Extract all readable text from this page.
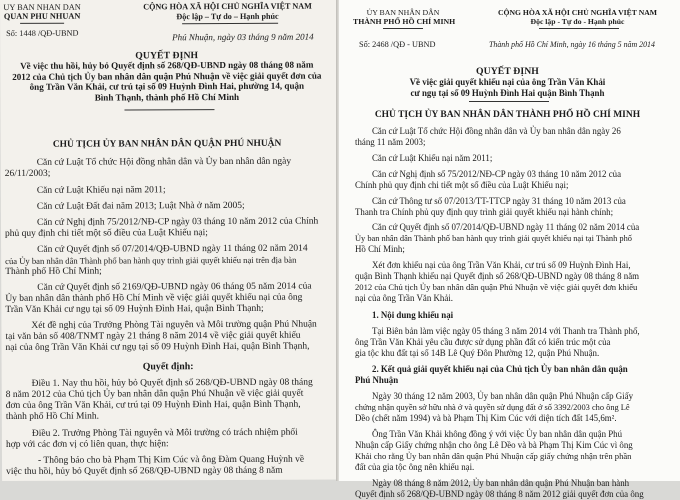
UY BAN NHAN DAN
QUAN PHU NHUAN
Số: 1448 /QĐ-UBND
CỘNG HÒA XÃ HỘI CHỦ NGHĨA VIỆT NAM
Độc lập – Tự do – Hạnh phúc
Phú Nhuận, ngày 03 tháng 9 năm 2014
QUYẾT ĐỊNH
Về việc thu hồi, hủy bỏ Quyết định số 268/QĐ-UBND ngày 08 tháng 08 năm
2012 của Chủ tịch Ủy ban nhân dân quận Phú Nhuận về việc giải quyết đơn của
ông Trần Văn Khải, cư trú tại số 09 Huỳnh Đình Hai, phường 14, quận
Bình Thạnh, thành phố Hồ Chí Minh
CHỦ TỊCH ỦY BAN NHÂN DÂN QUẬN PHÚ NHUẬN
Căn cứ Luật Tổ chức Hội đồng nhân dân và Ủy ban nhân dân ngày
26/11/2003;
Căn cứ Luật Khiếu nại năm 2011;
Căn cứ Luật Đất đai năm 2013; Luật Nhà ở năm 2005;
Căn cứ Nghị định 75/2012/NĐ-CP ngày 03 tháng 10 năm 2012 của Chính
phủ quy định chi tiết một số điều của Luật Khiếu nại;
Căn cứ Quyết định số 07/2014/QĐ-UBND ngày 11 tháng 02 năm 2014
của Ủy ban nhân dân Thành phố ban hành quy trình giải quyết khiếu nại trên địa bàn
Thành phố Hồ Chí Minh;
Căn cứ Quyết định số 2169/QĐ-UBND ngày 06 tháng 05 năm 2014 của
Ủy ban nhân dân thành phố Hồ Chí Minh về việc giải quyết khiếu nại của ông
Trần Văn Khải cư ngụ tại số 09 Huỳnh Đình Hai, quận Bình Thạnh;
Xét đề nghị của Trưởng Phòng Tài nguyên và Môi trường quận Phú Nhuận
tại văn bản số 408/TNMT ngày 21 tháng 8 năm 2014 về việc giải quyết khiếu
nại của ông Trần Văn Khải cư ngụ tại số 09 Huỳnh Đình Hai, quận Bình Thạnh,
Quyết định:
Điều 1. Nay thu hồi, hủy bỏ Quyết định số 268/QĐ-UBND ngày 08 tháng
8 năm 2012 của Chủ tịch Ủy ban nhân dân quận Phú Nhuận về việc giải quyết
đơn của ông Trần Văn Khải, cư trú tại 09 Huỳnh Đình Hai, quận Bình Thạnh,
thành phố Hồ Chí Minh.
Điều 2. Trưởng Phòng Tài nguyên và Môi trường có trách nhiệm phối
hợp với các đơn vị có liên quan, thực hiện:
- Thông báo cho bà Phạm Thị Kim Cúc và ông Đàm Quang Huỳnh về
việc thu hồi, hủy bỏ Quyết định số 268/QĐ-UBND ngày 08 tháng 8 năm
ỦY BAN NHÂN DÂN
THÀNH PHỐ HỒ CHÍ MINH
Số: 2468 /QĐ - UBND
CỘNG HÒA XÃ HỘI CHỦ NGHĨA VIỆT NAM
Độc lập - Tự do - Hạnh phúc
Thành phố Hồ Chí Minh, ngày 16 tháng 5 năm 2014
QUYẾT ĐỊNH
Về việc giải quyết khiếu nại của ông Trần Văn Khải
cư ngụ tại số 09 Huỳnh Đình Hai quận Bình Thạnh
CHỦ TỊCH ỦY BAN NHÂN DÂN THÀNH PHỐ HỒ CHÍ MINH
Căn cứ Luật Tổ chức Hội đồng nhân dân và Ủy ban nhân dân ngày 26
tháng 11 năm 2003;
Căn cứ Luật Khiếu nại năm 2011;
Căn cứ Nghị định số 75/2012/NĐ-CP ngày 03 tháng 10 năm 2012 của
Chính phủ quy định chi tiết một số điều của Luật Khiếu nại;
Căn cứ Thông tư số 07/2013/TT-TTCP ngày 31 tháng 10 năm 2013 của
Thanh tra Chính phủ quy định quy trình giải quyết khiếu nại hành chính;
Căn cứ Quyết định số 07/2014/QĐ-UBND ngày 11 tháng 02 năm 2014 của
Ủy ban nhân dân Thành phố ban hành quy trình giải quyết khiếu nại tại Thành phố
Hồ Chí Minh;
Xét đơn khiếu nại của ông Trần Văn Khải, cư trú số 09 Huỳnh Đình Hai,
quận Bình Thạnh khiếu nại Quyết định số 268/QĐ-UBND ngày 08 tháng 8 năm
2012 của Chủ tịch Ủy ban nhân dân quận Phú Nhuận về việc giải quyết đơn khiếu
nại của ông Trần Văn Khải.
1. Nội dung khiếu nại
Tại Biên bản làm việc ngày 05 tháng 3 năm 2014 với Thanh tra Thành phố,
ông Trần Văn Khải yêu cầu được sử dụng phần đất có kiến trúc một của
gia tộc khu đất tại số 14B Lê Quý Đôn Phường 12, quận Phú Nhuận.
2. Kết quả giải quyết khiếu nại của Chủ tịch Ủy ban nhân dân quận
Phú Nhuận
Ngày 30 tháng 12 năm 2003, Ủy ban nhân dân quận Phú Nhuận cấp Giấy
chứng nhận quyền sở hữu nhà ở và quyền sử dụng đất ở số 3392/2003 cho ông Lê
Dềo (chết năm 1994) và bà Phạm Thị Kim Cúc với diện tích đất 145,6m².
Ông Trần Văn Khải không đồng ý với việc Ủy ban nhân dân quận Phú
Nhuận cấp Giấy chứng nhận cho ông Lê Dềo và bà Phạm Thị Kim Cúc vì ông
Khải cho rằng Ủy ban nhân dân quận Phú Nhuận cấp giấy chứng nhận trên phần
đất của gia tộc ông nên khiếu nại.
Ngày 08 tháng 8 năm 2012, Ủy ban nhân dân quận Phú Nhuận ban hành
Quyết định số 268/QĐ-UBND ngày 08 tháng 8 năm 2012 giải quyết đơn của ông
